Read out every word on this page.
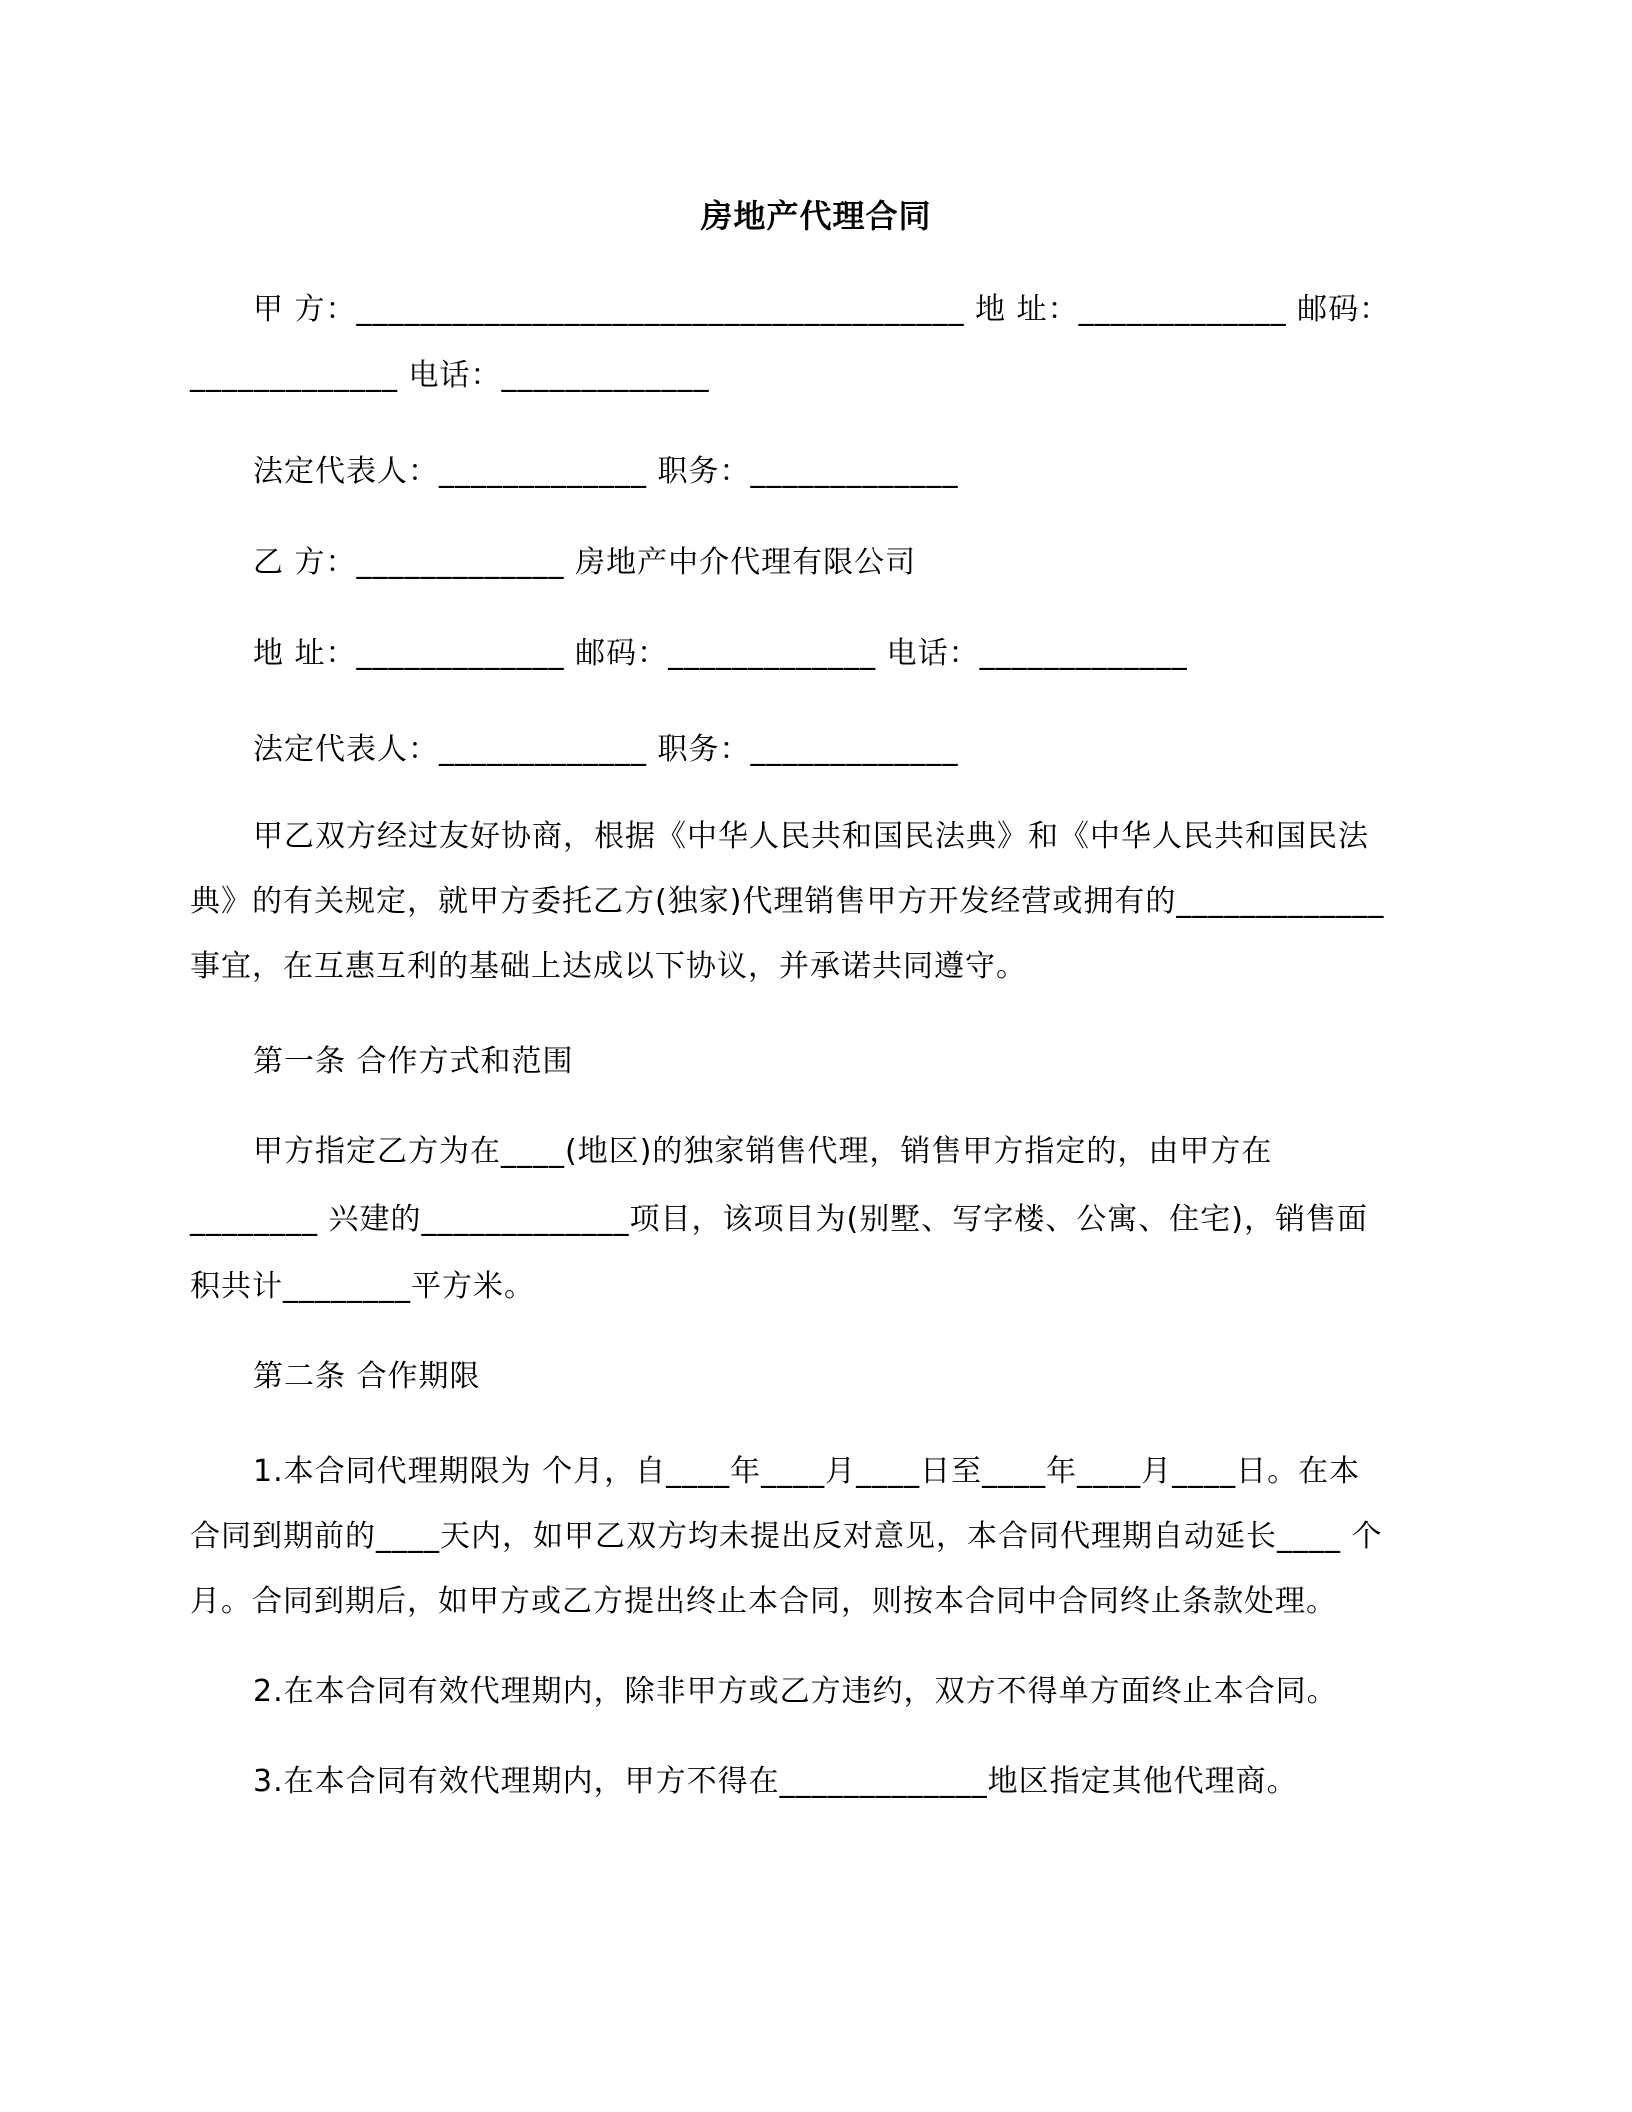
房地产代理合同
甲 方：______________________________________ 地 址：_____________ 邮码：
_____________ 电话：_____________
法定代表人：_____________ 职务：_____________
乙 方：_____________ 房地产中介代理有限公司
地 址：_____________ 邮码：_____________ 电话：_____________
法定代表人：_____________ 职务：_____________
甲乙双方经过友好协商，根据《中华人民共和国民法典》和《中华人民共和国民法
典》的有关规定，就甲方委托乙方(独家)代理销售甲方开发经营或拥有的_____________
事宜，在互惠互利的基础上达成以下协议，并承诺共同遵守。
第一条 合作方式和范围
甲方指定乙方为在____(地区)的独家销售代理，销售甲方指定的，由甲方在
________ 兴建的_____________项目，该项目为(别墅、写字楼、公寓、住宅)，销售面
积共计________平方米。
第二条 合作期限
1.本合同代理期限为 个月，自____年____月____日至____年____月____日。在本
合同到期前的____天内，如甲乙双方均未提出反对意见，本合同代理期自动延长____ 个
月。合同到期后，如甲方或乙方提出终止本合同，则按本合同中合同终止条款处理。
2.在本合同有效代理期内，除非甲方或乙方违约，双方不得单方面终止本合同。
3.在本合同有效代理期内，甲方不得在_____________地区指定其他代理商。
